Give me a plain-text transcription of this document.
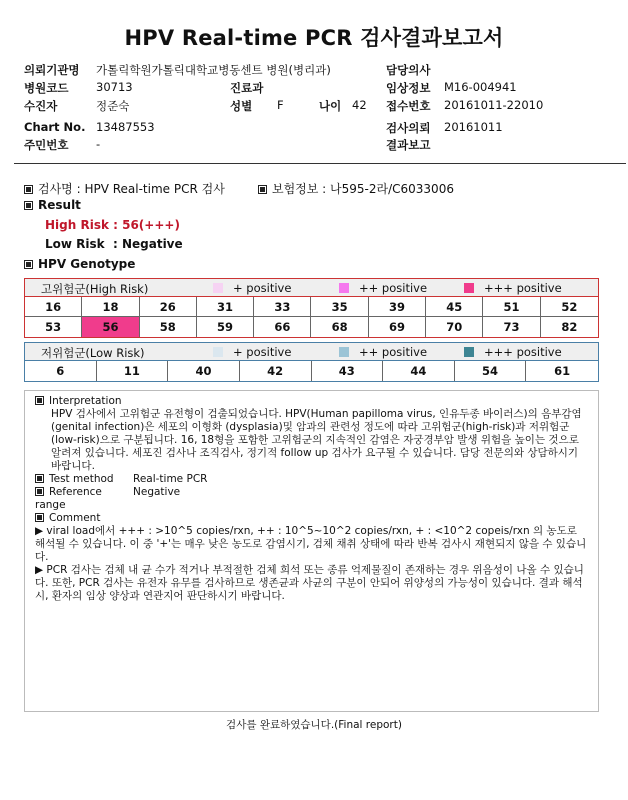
HPV Real-time PCR 검사결과보고서
의뢰기관명 가톨릭학원가톨릭대학교병동센트 병원(병리과)	담당의사
병원코드 30713	진료과	임상정보 M16-004941
수진자	정준숙	성별 F	나이 42 접수번호 20161011-22010
Chart No. 13487553	검사의뢰 20161011
주민번호 -	결과보고
검사명 : HPV Real-time PCR 검사	보험정보 : 나595-2라/C6033006
Result
High Risk : 56(+++)
Low Risk  : Negative
HPV Genotype
고위험군(High Risk)	+ positive	++ positive	+++ positive
16	18	26	31	33	35	39	45	51	52
53	56	58	59	66	68	69	70	73	82
저위험군(Low Risk)	+ positive	++ positive	+++ positive
6	11	40	42	43	44	54	61

Interpretation

HPV 검사에서 고위험군 유전형이 검출되었습니다. HPV(Human papilloma virus, 인유두종 바이러스)의 음부감염(genital infection)은 세포의 이형화 (dysplasia)및 암과의 관련성 정도에 따라 고위험군(high-risk)과 저위험군(low-risk)으로 구분됩니다. 16, 18형을 포함한 고위험군의 지속적인 감염은 자궁경부암 발생 위험을 높이는 것으로 알려져 있습니다. 세포진 검사나 조직검사, 정기적 follow up 검사가 요구될 수 있습니다. 담당 전문의와 상담하시기 바랍니다.

Test method	Real-time PCR

Reference range
Negative

Comment

▶ viral load에서 +++ : >10^5 copies/rxn, ++ : 10^5~10^2 copies/rxn, + : <10^2 copeis/rxn 의 농도로 해석될 수 있습니다. 이 중 '+'는 매우 낮은 농도로 감염시기, 검체 채취 상태에 따라 반복 검사시 재현되지 않을 수 있습니다.

▶ PCR 검사는 검체 내 균 수가 적거나 부적절한 검체 희석 또는 종류 억제물질이 존재하는 경우 위음성이 나올 수 있습니다. 또한, PCR 검사는 유전자 유무를 검사하므로 생존균과 사균의 구분이 안되어 위양성의 가능성이 있습니다. 결과 해석 시, 환자의 임상 양상과 연관지어 판단하시기 바랍니다.

검사를 완료하였습니다.(Final report)
